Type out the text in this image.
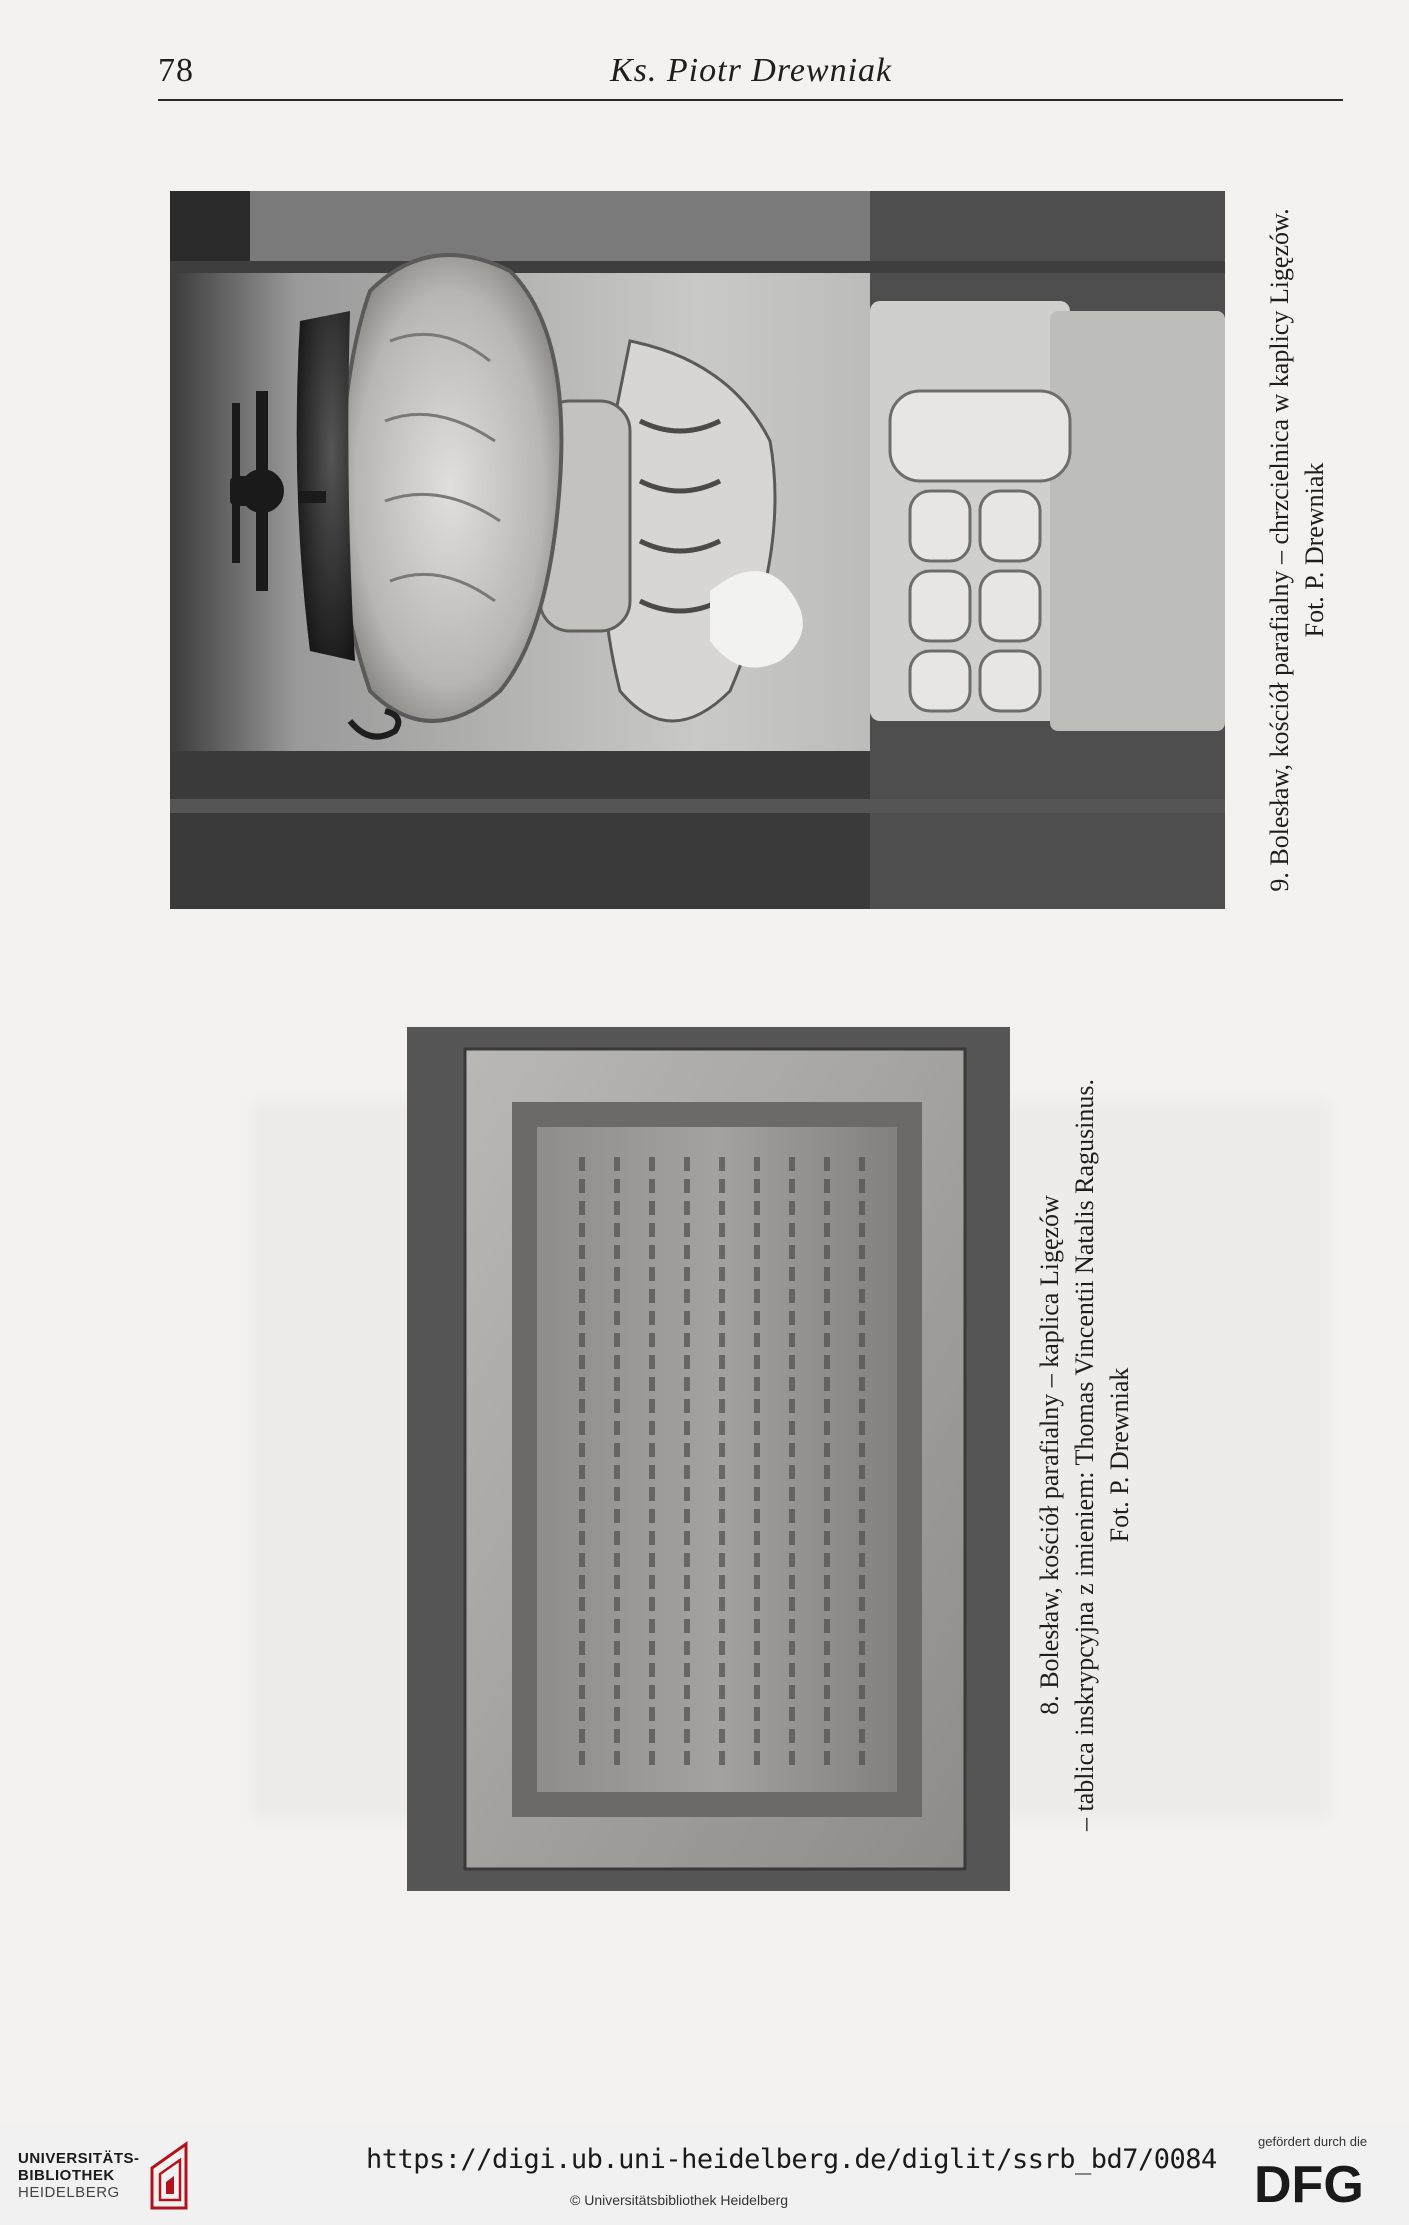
78	Ks. Piotr Drewniak
9. Bolesław, kościół parafialny – chrzcielnica w kaplicy Ligęzów. Fot. P. Drewniak
8. Bolesław, kościół parafialny – kaplica Ligęzów – tablica inskrypcyjna z imieniem: Thomas Vincentii Natalis Ragusinus. Fot. P. Drewniak
UNIVERSITÄTS-
BIBLIOTHEK
HEIDELBERG
https://digi.ub.uni-heidelberg.de/diglit/ssrb_bd7/0084
© Universitätsbibliothek Heidelberg
gefördert durch die
DFG
